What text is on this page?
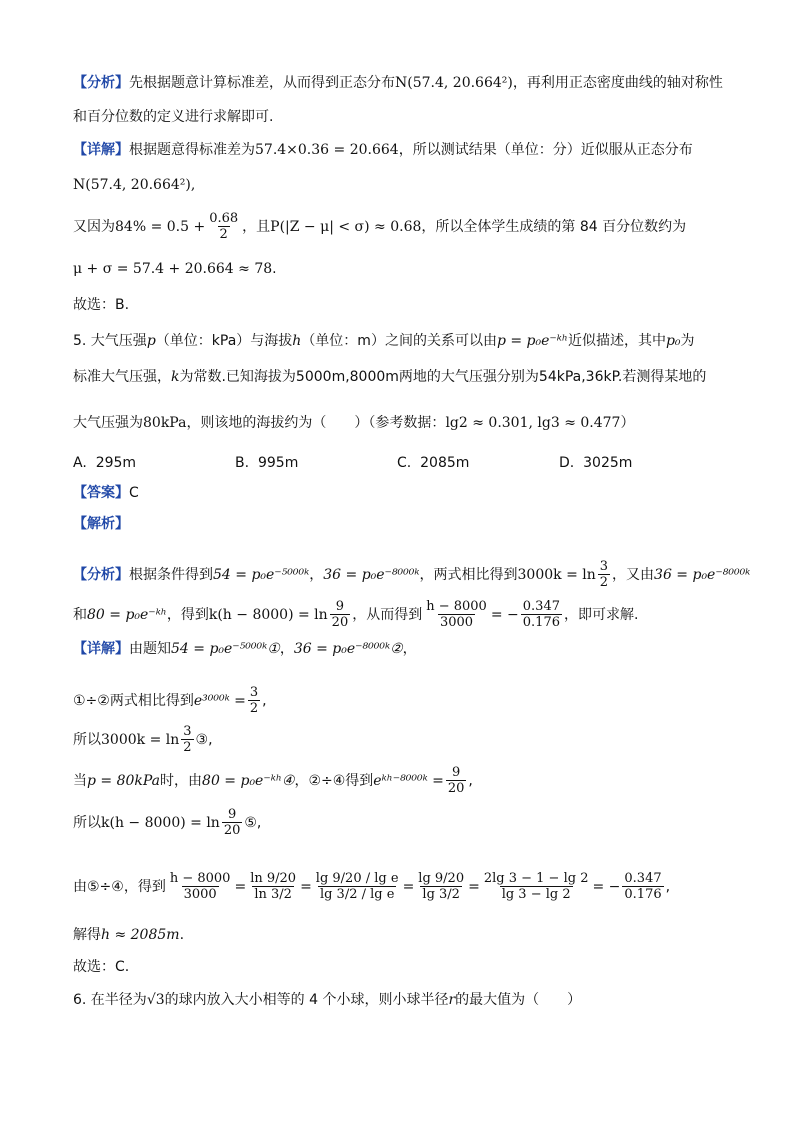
【分析】 先根据题意计算标准差，从而得到正态分布 N(57.4, 20.664²) ，再利用正态密度曲线的轴对称性
和百分位数的定义进行求解即可.
【详解】 根据题意得标准差为 57.4×0.36 = 20.664 ，所以测试结果（单位：分）近似服从正态分布
N(57.4, 20.664²),
又因为 $84\% = 0.5 + \frac{0.68}{2}$ ，且 P(|Z − μ| < σ) ≈ 0.68 ，所以全体学生成绩的第 84 百分位数约为
μ + σ = 57.4 + 20.664 ≈ 78 .
故选：B.
5. 大气压强 p （单位：kPa）与海拔 h （单位：m）之间的关系可以由 p = p₀e⁻ᵏʰ 近似描述，其中 p₀ 为
标准大气压强， k 为常数.已知海拔为5000m,8000m两地的大气压强分别为54kPa,36kP.若测得某地的
大气压强为 80kPa ，则该地的海拔约为（　　）（参考数据： lg2 ≈ 0.301, lg3 ≈ 0.477 ）
A. 295m	B. 995m	C. 2085m	D. 3025m
【答案】 C
【解析】
【分析】 根据条件得到 54 = p₀e⁻⁵⁰⁰⁰ᵏ ， 36 = p₀e⁻⁸⁰⁰⁰ᵏ ，两式相比得到 $3000k = \ln \frac{3}{2}$ ，又由 36 = p₀e⁻⁸⁰⁰⁰ᵏ
和 80 = p₀e⁻ᵏʰ ，得到 $k(h - 8000) = \ln \frac{9}{20}$ ，从而得到 $\frac{h - 8000}{3000}$ = − $\frac{0.347}{0.176}$ ，即可求解.
【详解】 由题知 54 = p₀e⁻⁵⁰⁰⁰ᵏ① ， 36 = p₀e⁻⁸⁰⁰⁰ᵏ② ，
①÷②两式相比得到 e³⁰⁰⁰ᵏ = $\frac{3}{2}$ ,
所以 $3000k = \ln \frac{3}{2}$ ③,
当 p = 80kPa 时，由 80 = p₀e⁻ᵏʰ④ ，②÷④得到 eᵏʰ⁻⁸⁰⁰⁰ᵏ = $\frac{9}{20}$ ,
所以 $k(h - 8000) = \ln \frac{9}{20}$ ⑤,
由⑤÷④，得到 $\frac{h - 8000}{3000} = \frac{\ln 9/20}{\ln 3/2} = \frac{\text{lg 9/20 / lg e}}{\text{lg 3/2 / lg e}} = \frac{\lg 9/20}{\lg 3/2} = \frac{2\lg 3 - 1 - \lg 2}{\lg 3 - \lg 2}$ = − $\frac{0.347}{0.176}$ ,
解得 h ≈ 2085m .
故选：C.
6. 在半径为 √3 的球内放入大小相等的 4 个小球，则小球半径 r 的最大值为（　　）
